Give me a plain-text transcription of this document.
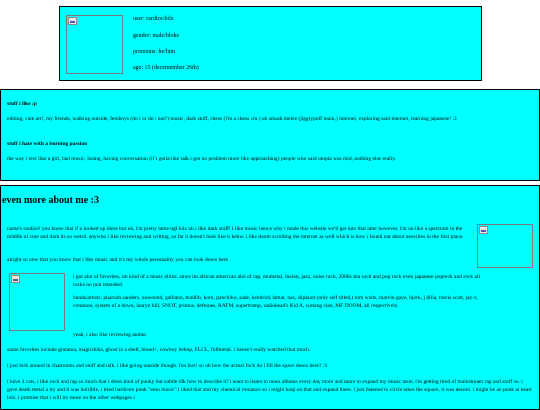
user: rardice/lolz
gender: male/bloke
pronouns: he/him
age: 15 (decemember 26th)
stuff i like :p
editing, cute art!, my friends, walking outside, femboys (do i or do i not?) music, dark stuff, chess (i'm a chess cm.) uh smash melee (jigglypuff main,) internet, exploring said internet, learning japanese! :3
stuff i hate with a burning passion
the way i text like a girl, bad music, losing, having conversation (if i gotta like talk i got no problem more like approaching) people who said utopia was mid, nothing else really.
even more about me :3
name's rardice! you know that if u looked up there but uh, i'm pretty lame ngl lolz uh i like dark stuff! i like music hence why i made this website we'll get into that later however, i'm on like a spectrum in the middle of cute and dark its so weird. anywho i like reviewing and writing, so far it doesn't look like it kekw. i like doom scrolling the internet as well which is how i found out about neocities in the first place.
alright so now that you know that i like music and it's my whole personality you can look down here.
i got alot of favorites, im kind of a music elitist. since im african american alot of rap, mumetal, fusion, jazz, noise rock, 2000s ska rock and pop rock even japanese popreck and rock all rocks no pun intended.
bands/artists: pharoah sanders, unwound, galliano, madlib, korn, panchiko, sade, kendrick lamar, nas, slipknot (only self titled,) tom waits, marvin gaye, bjork, j dilla, travis scott, jay-z, common, system of a down, lauryn hill, SNOT, primus, deftones, RATM, supertramp, radiohead's Kid A, wutang clan, MF DOOM, all respectively.
yeah, i also like reviewing anime.
some favorites include gintama, magicdoka, ghost in a shell, blood+, cowboy bebop, FLCL, fullmetal. i haven't really watched that much.
i just lurk around in chatrooms and stuff and talk. i like going outside though. fun fact! so uh how the actual fuck do i fill the space down here? :3
i have 3 cats, i like rock and rap so much that i dress kind of punky but subtle idk how to describe it! i want to listen to more albums every day more and more to expand my music taste, i'm getting tired of mainstream rap and stuff so. i gave death metal a try and it was horrible, i tried hardcore punk "emo music" i liked that and my chemical romance so i might harp on that and expand there. i just listened to circle takes the square, it was decent. i might be an punk at heart lolz. i promise that i will try more on the other webpages i
